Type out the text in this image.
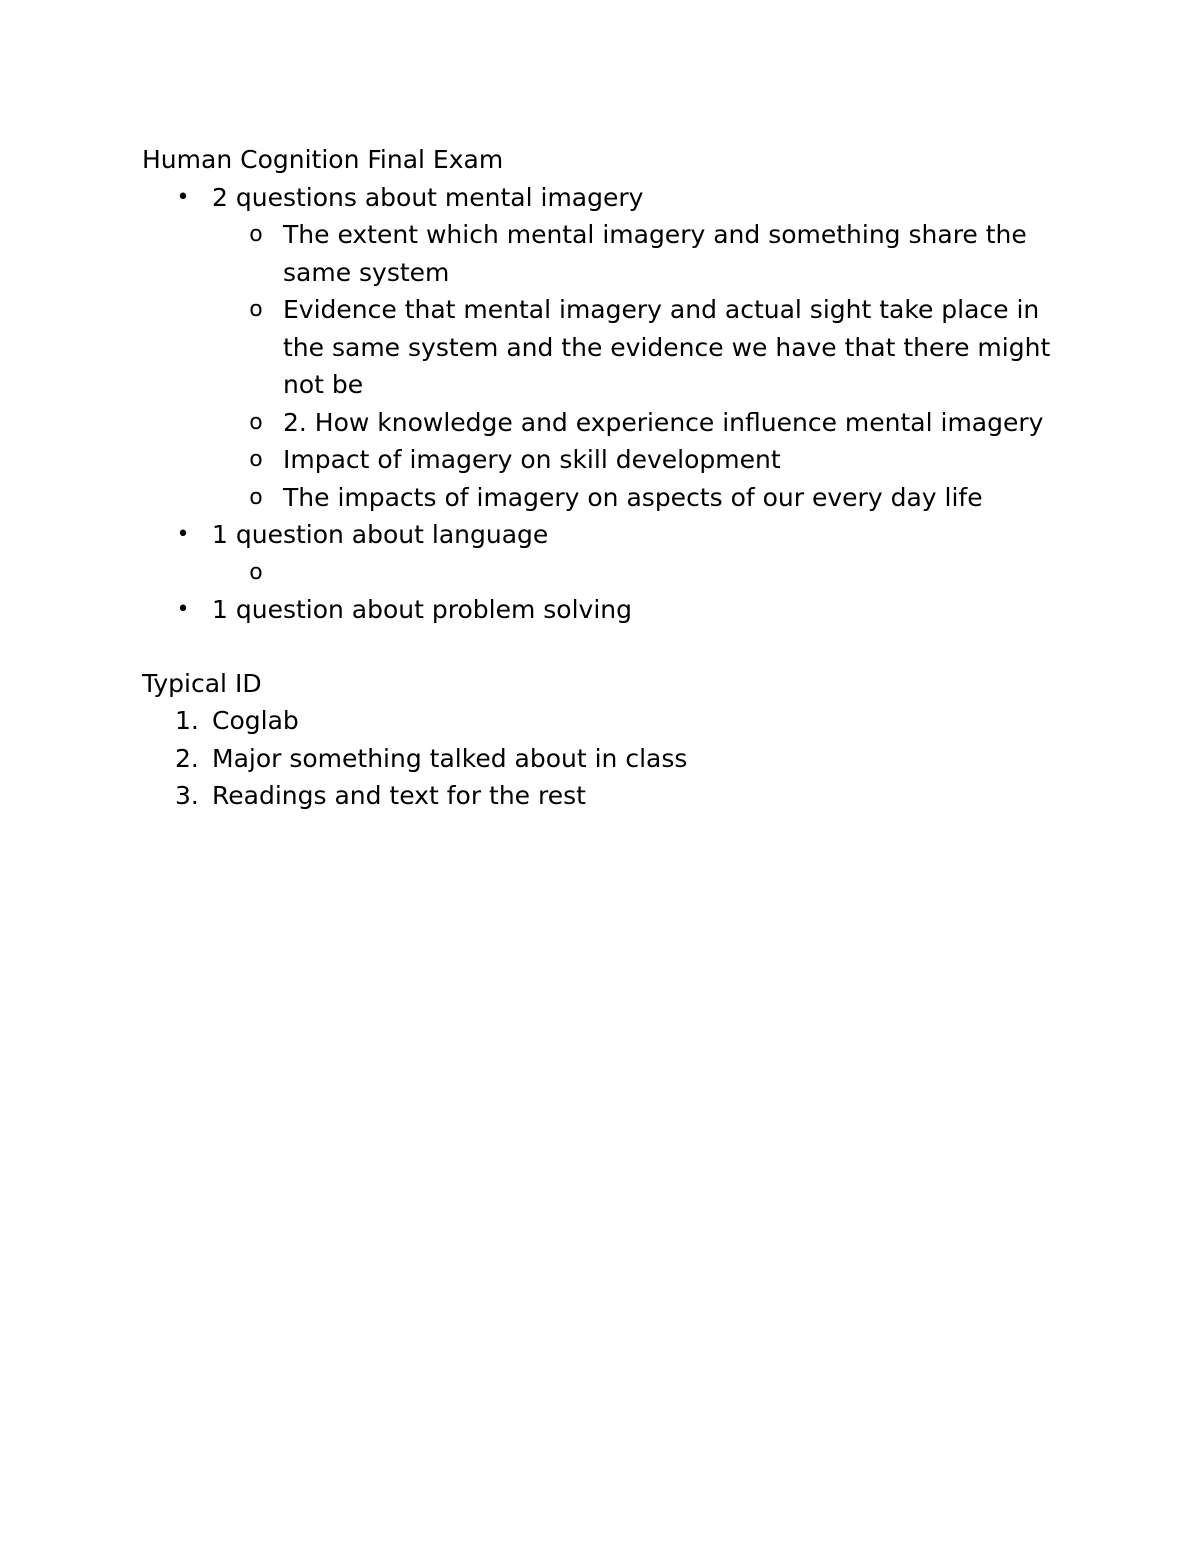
Human Cognition Final Exam

• 2 questions about mental imagery
o The extent which mental imagery and something share the same system
o Evidence that mental imagery and actual sight take place in the same system and the evidence we have that there might not be
o 2. How knowledge and experience influence mental imagery
o Impact of imagery on skill development
o The impacts of imagery on aspects of our every day life
• 1 question about language
o

• 1 question about problem solving

Typical ID

1. Coglab
2. Major something talked about in class
3. Readings and text for the rest
